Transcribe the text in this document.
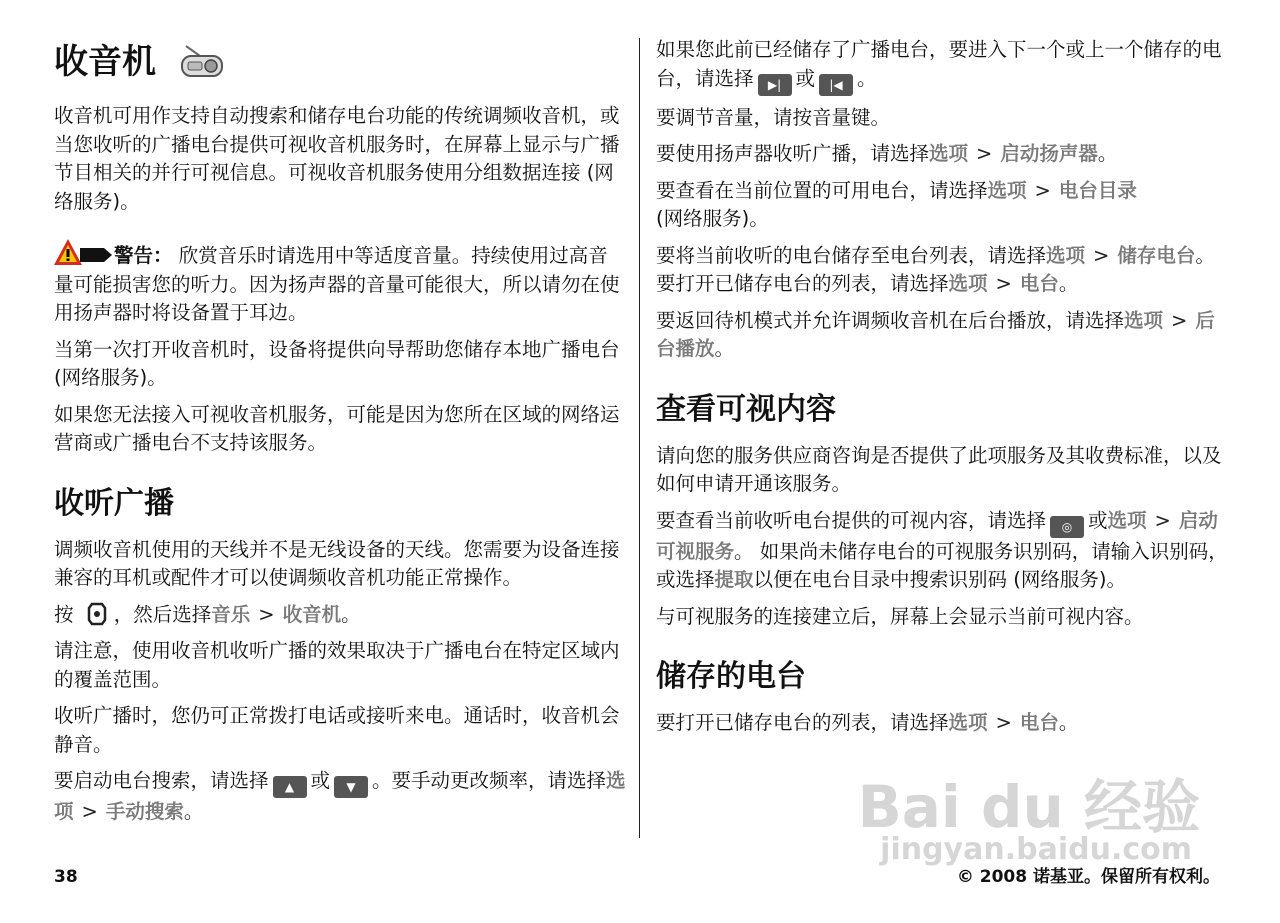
收音机

收音机可用作支持自动搜索和储存电台功能的传统调频收音机，或当您收听的广播电台提供可视收音机服务时，在屏幕上显示与广播节目相关的并行可视信息。可视收音机服务使用分组数据连接 (网络服务)。

警告： 欣赏音乐时请选用中等适度音量。持续使用过高音量可能损害您的听力。因为扬声器的音量可能很大，所以请勿在使用扬声器时将设备置于耳边。

当第一次打开收音机时，设备将提供向导帮助您储存本地广播电台 (网络服务)。

如果您无法接入可视收音机服务，可能是因为您所在区域的网络运营商或广播电台不支持该服务。

收听广播

调频收音机使用的天线并不是无线设备的天线。您需要为设备连接兼容的耳机或配件才可以使调频收音机功能正常操作。

按 ，然后选择音乐 > 收音机。

请注意，使用收音机收听广播的效果取决于广播电台在特定区域内的覆盖范围。

收听广播时，您仍可正常拨打电话或接听来电。通话时，收音机会静音。

要启动电台搜索，请选择 ▲ 或 ▼ 。要手动更改频率，请选择选项 > 手动搜索。

如果您此前已经储存了广播电台，要进入下一个或上一个储存的电台，请选择 ▶| 或 |◀ 。

要调节音量，请按音量键。

要使用扬声器收听广播，请选择选项 > 启动扬声器。

要查看在当前位置的可用电台，请选择选项 > 电台目录
(网络服务)。

要将当前收听的电台储存至电台列表，请选择选项 > 储存电台。要打开已储存电台的列表，请选择选项 > 电台。

要返回待机模式并允许调频收音机在后台播放，请选择选项 > 后台播放。

查看可视内容

请向您的服务供应商咨询是否提供了此项服务及其收费标准，以及如何申请开通该服务。

要查看当前收听电台提供的可视内容，请选择 ◎ 或选项 > 启动可视服务。 如果尚未储存电台的可视服务识别码，请输入识别码，或选择提取以便在电台目录中搜索识别码 (网络服务)。

与可视服务的连接建立后，屏幕上会显示当前可视内容。

储存的电台

要打开已储存电台的列表，请选择选项 > 电台。

Bai du 经验
jingyan.baidu.com
38	© 2008 诺基亚。保留所有权利。
